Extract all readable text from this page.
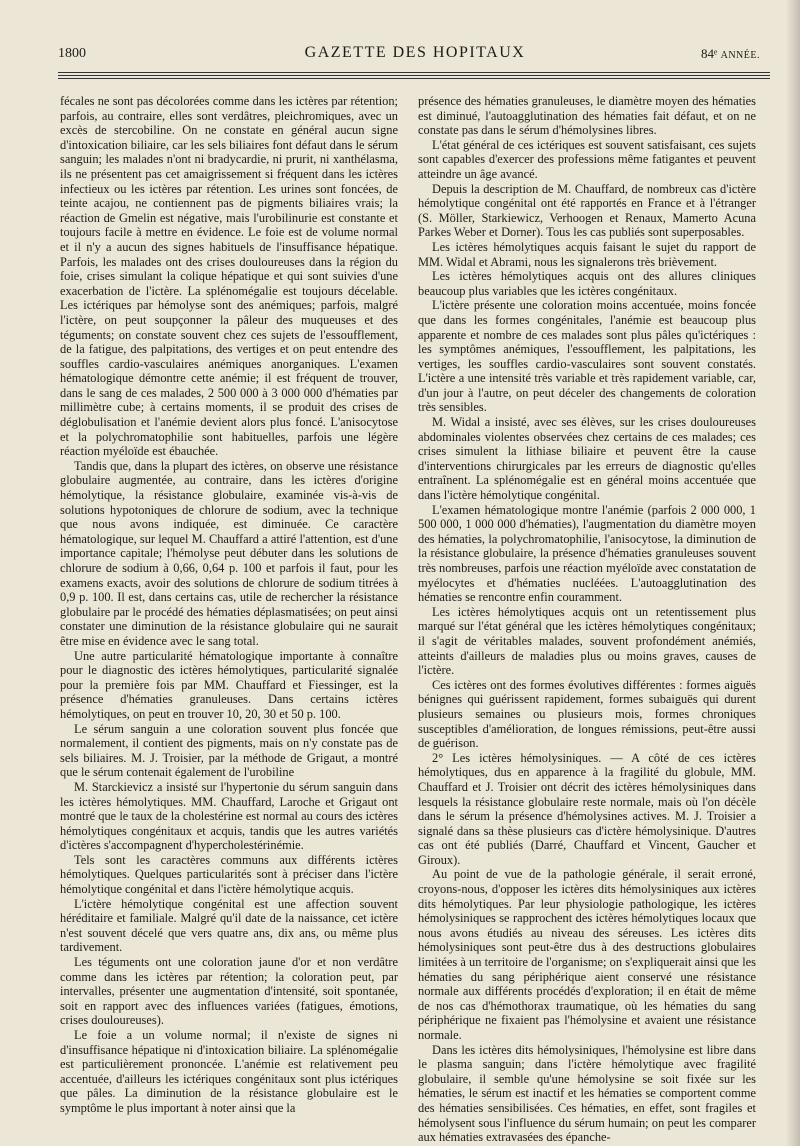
1800	GAZETTE DES HOPITAUX	84ᵉ ANNÉE.

fécales ne sont pas décolorées comme dans les ictères par rétention; parfois, au contraire, elles sont verdâtres, pleichromiques, avec un excès de stercobiline. On ne constate en général aucun signe d'intoxication biliaire, car les sels biliaires font défaut dans le sérum sanguin; les malades n'ont ni bradycardie, ni prurit, ni xanthélasma, ils ne présentent pas cet amaigrissement si fréquent dans les ictères infectieux ou les ictères par rétention. Les urines sont foncées, de teinte acajou, ne contiennent pas de pigments biliaires vrais; la réaction de Gmelin est négative, mais l'urobilinurie est constante et toujours facile à mettre en évidence. Le foie est de volume normal et il n'y a aucun des signes habituels de l'insuffisance hépatique. Parfois, les malades ont des crises douloureuses dans la région du foie, crises simulant la colique hépatique et qui sont suivies d'une exacerbation de l'ictère. La splénomégalie est toujours décelable. Les ictériques par hémolyse sont des anémiques; parfois, malgré l'ictère, on peut soupçonner la pâleur des muqueuses et des téguments; on constate souvent chez ces sujets de l'essoufflement, de la fatigue, des palpitations, des vertiges et on peut entendre des souffles cardio-vasculaires anémiques anorganiques. L'examen hématologique démontre cette anémie; il est fréquent de trouver, dans le sang de ces malades, 2 500 000 à 3 000 000 d'hématies par millimètre cube; à certains moments, il se produit des crises de déglobulisation et l'anémie devient alors plus foncé. L'anisocytose et la polychromatophilie sont habituelles, parfois une légère réaction myéloïde est ébauchée.

Tandis que, dans la plupart des ictères, on observe une résistance globulaire augmentée, au contraire, dans les ictères d'origine hémolytique, la résistance globulaire, examinée vis-à-vis de solutions hypotoniques de chlorure de sodium, avec la technique que nous avons indiquée, est diminuée. Ce caractère hématologique, sur lequel M. Chauffard a attiré l'attention, est d'une importance capitale; l'hémolyse peut débuter dans les solutions de chlorure de sodium à 0,66, 0,64 p. 100 et parfois il faut, pour les examens exacts, avoir des solutions de chlorure de sodium titrées à 0,9 p. 100. Il est, dans certains cas, utile de rechercher la résistance globulaire par le procédé des hématies déplasmatisées; on peut ainsi constater une diminution de la résistance globulaire qui ne saurait être mise en évidence avec le sang total.

Une autre particularité hématologique importante à connaître pour le diagnostic des ictères hémolytiques, particularité signalée pour la première fois par MM. Chauffard et Fiessinger, est la présence d'hématies granuleuses. Dans certains ictères hémolytiques, on peut en trouver 10, 20, 30 et 50 p. 100.

Le sérum sanguin a une coloration souvent plus foncée que normalement, il contient des pigments, mais on n'y constate pas de sels biliaires. M. J. Troisier, par la méthode de Grigaut, a montré que le sérum contenait également de l'urobiline

M. Starckievicz a insisté sur l'hypertonie du sérum sanguin dans les ictères hémolytiques. MM. Chauffard, Laroche et Grigaut ont montré que le taux de la cholestérine est normal au cours des ictères hémolytiques congénitaux et acquis, tandis que les autres variétés d'ictères s'accompagnent d'hypercholestérinémie.

Tels sont les caractères communs aux différents ictères hémolytiques. Quelques particularités sont à préciser dans l'ictère hémolytique congénital et dans l'ictère hémolytique acquis.

L'ictère hémolytique congénital est une affection souvent héréditaire et familiale. Malgré qu'il date de la naissance, cet ictère n'est souvent décelé que vers quatre ans, dix ans, ou même plus tardivement.

Les téguments ont une coloration jaune d'or et non verdâtre comme dans les ictères par rétention; la coloration peut, par intervalles, présenter une augmentation d'intensité, soit spontanée, soit en rapport avec des influences variées (fatigues, émotions, crises douloureuses).

Le foie a un volume normal; il n'existe de signes ni d'insuffisance hépatique ni d'intoxication biliaire. La splénomégalie est particulièrement prononcée. L'anémie est relativement peu accentuée, d'ailleurs les ictériques congénitaux sont plus ictériques que pâles. La diminution de la résistance globulaire est le symptôme le plus important à noter ainsi que la

présence des hématies granuleuses, le diamètre moyen des hématies est diminué, l'autoagglutination des hématies fait défaut, et on ne constate pas dans le sérum d'hémolysines libres.

L'état général de ces ictériques est souvent satisfaisant, ces sujets sont capables d'exercer des professions même fatigantes et peuvent atteindre un âge avancé.

Depuis la description de M. Chauffard, de nombreux cas d'ictère hémolytique congénital ont été rapportés en France et à l'étranger (S. Möller, Starkiewicz, Verhoogen et Renaux, Mamerto Acuna Parkes Weber et Dorner). Tous les cas publiés sont superposables.

Les ictères hémolytiques acquis faisant le sujet du rapport de MM. Widal et Abrami, nous les signalerons très brièvement.

Les ictères hémolytiques acquis ont des allures cliniques beaucoup plus variables que les ictères congénitaux.

L'ictère présente une coloration moins accentuée, moins foncée que dans les formes congénitales, l'anémie est beaucoup plus apparente et nombre de ces malades sont plus pâles qu'ictériques : les symptômes anémiques, l'essoufflement, les palpitations, les vertiges, les souffles cardio-vasculaires sont souvent constatés. L'ictère a une intensité très variable et très rapidement variable, car, d'un jour à l'autre, on peut déceler des changements de coloration très sensibles.

M. Widal a insisté, avec ses élèves, sur les crises douloureuses abdominales violentes observées chez certains de ces malades; ces crises simulent la lithiase biliaire et peuvent être la cause d'interventions chirurgicales par les erreurs de diagnostic qu'elles entraînent. La splénomégalie est en général moins accentuée que dans l'ictère hémolytique congénital.

L'examen hématologique montre l'anémie (parfois 2 000 000, 1 500 000, 1 000 000 d'hématies), l'augmentation du diamètre moyen des hématies, la polychromatophilie, l'anisocytose, la diminution de la résistance globulaire, la présence d'hématies granuleuses souvent très nombreuses, parfois une réaction myéloïde avec constatation de myélocytes et d'hématies nucléées. L'autoagglutination des hématies se rencontre enfin couramment.

Les ictères hémolytiques acquis ont un retentissement plus marqué sur l'état général que les ictères hémolytiques congénitaux; il s'agit de véritables malades, souvent profondément anémiés, atteints d'ailleurs de maladies plus ou moins graves, causes de l'ictère.

Ces ictères ont des formes évolutives différentes : formes aiguës bénignes qui guérissent rapidement, formes subaiguës qui durent plusieurs semaines ou plusieurs mois, formes chroniques susceptibles d'amélioration, de longues rémissions, peut-être aussi de guérison.

2° Les ictères hémolysiniques. — A côté de ces ictères hémolytiques, dus en apparence à la fragilité du globule, MM. Chauffard et J. Troisier ont décrit des ictères hémolysiniques dans lesquels la résistance globulaire reste normale, mais où l'on décèle dans le sérum la présence d'hémolysines actives. M. J. Troisier a signalé dans sa thèse plusieurs cas d'ictère hémolysinique. D'autres cas ont été publiés (Darré, Chauffard et Vincent, Gaucher et Giroux).

Au point de vue de la pathologie générale, il serait erroné, croyons-nous, d'opposer les ictères dits hémolysiniques aux ictères dits hémolytiques. Par leur physiologie pathologique, les ictères hémolysiniques se rapprochent des ictères hémolytiques locaux que nous avons étudiés au niveau des séreuses. Les ictères dits hémolysiniques sont peut-être dus à des destructions globulaires limitées à un territoire de l'organisme; on s'expliquerait ainsi que les hématies du sang périphérique aient conservé une résistance normale aux différents procédés d'exploration; il en était de même de nos cas d'hémothorax traumatique, où les hématies du sang périphérique ne fixaient pas l'hémolysine et avaient une résistance normale.

Dans les ictères dits hémolysiniques, l'hémolysine est libre dans le plasma sanguin; dans l'ictère hémolytique avec fragilité globulaire, il semble qu'une hémolysine se soit fixée sur les hématies, le sérum est inactif et les hématies se comportent comme des hématies sensibilisées. Ces hématies, en effet, sont fragiles et hémolysent sous l'influence du sérum humain; on peut les comparer aux hématies extravasées des épanche-
